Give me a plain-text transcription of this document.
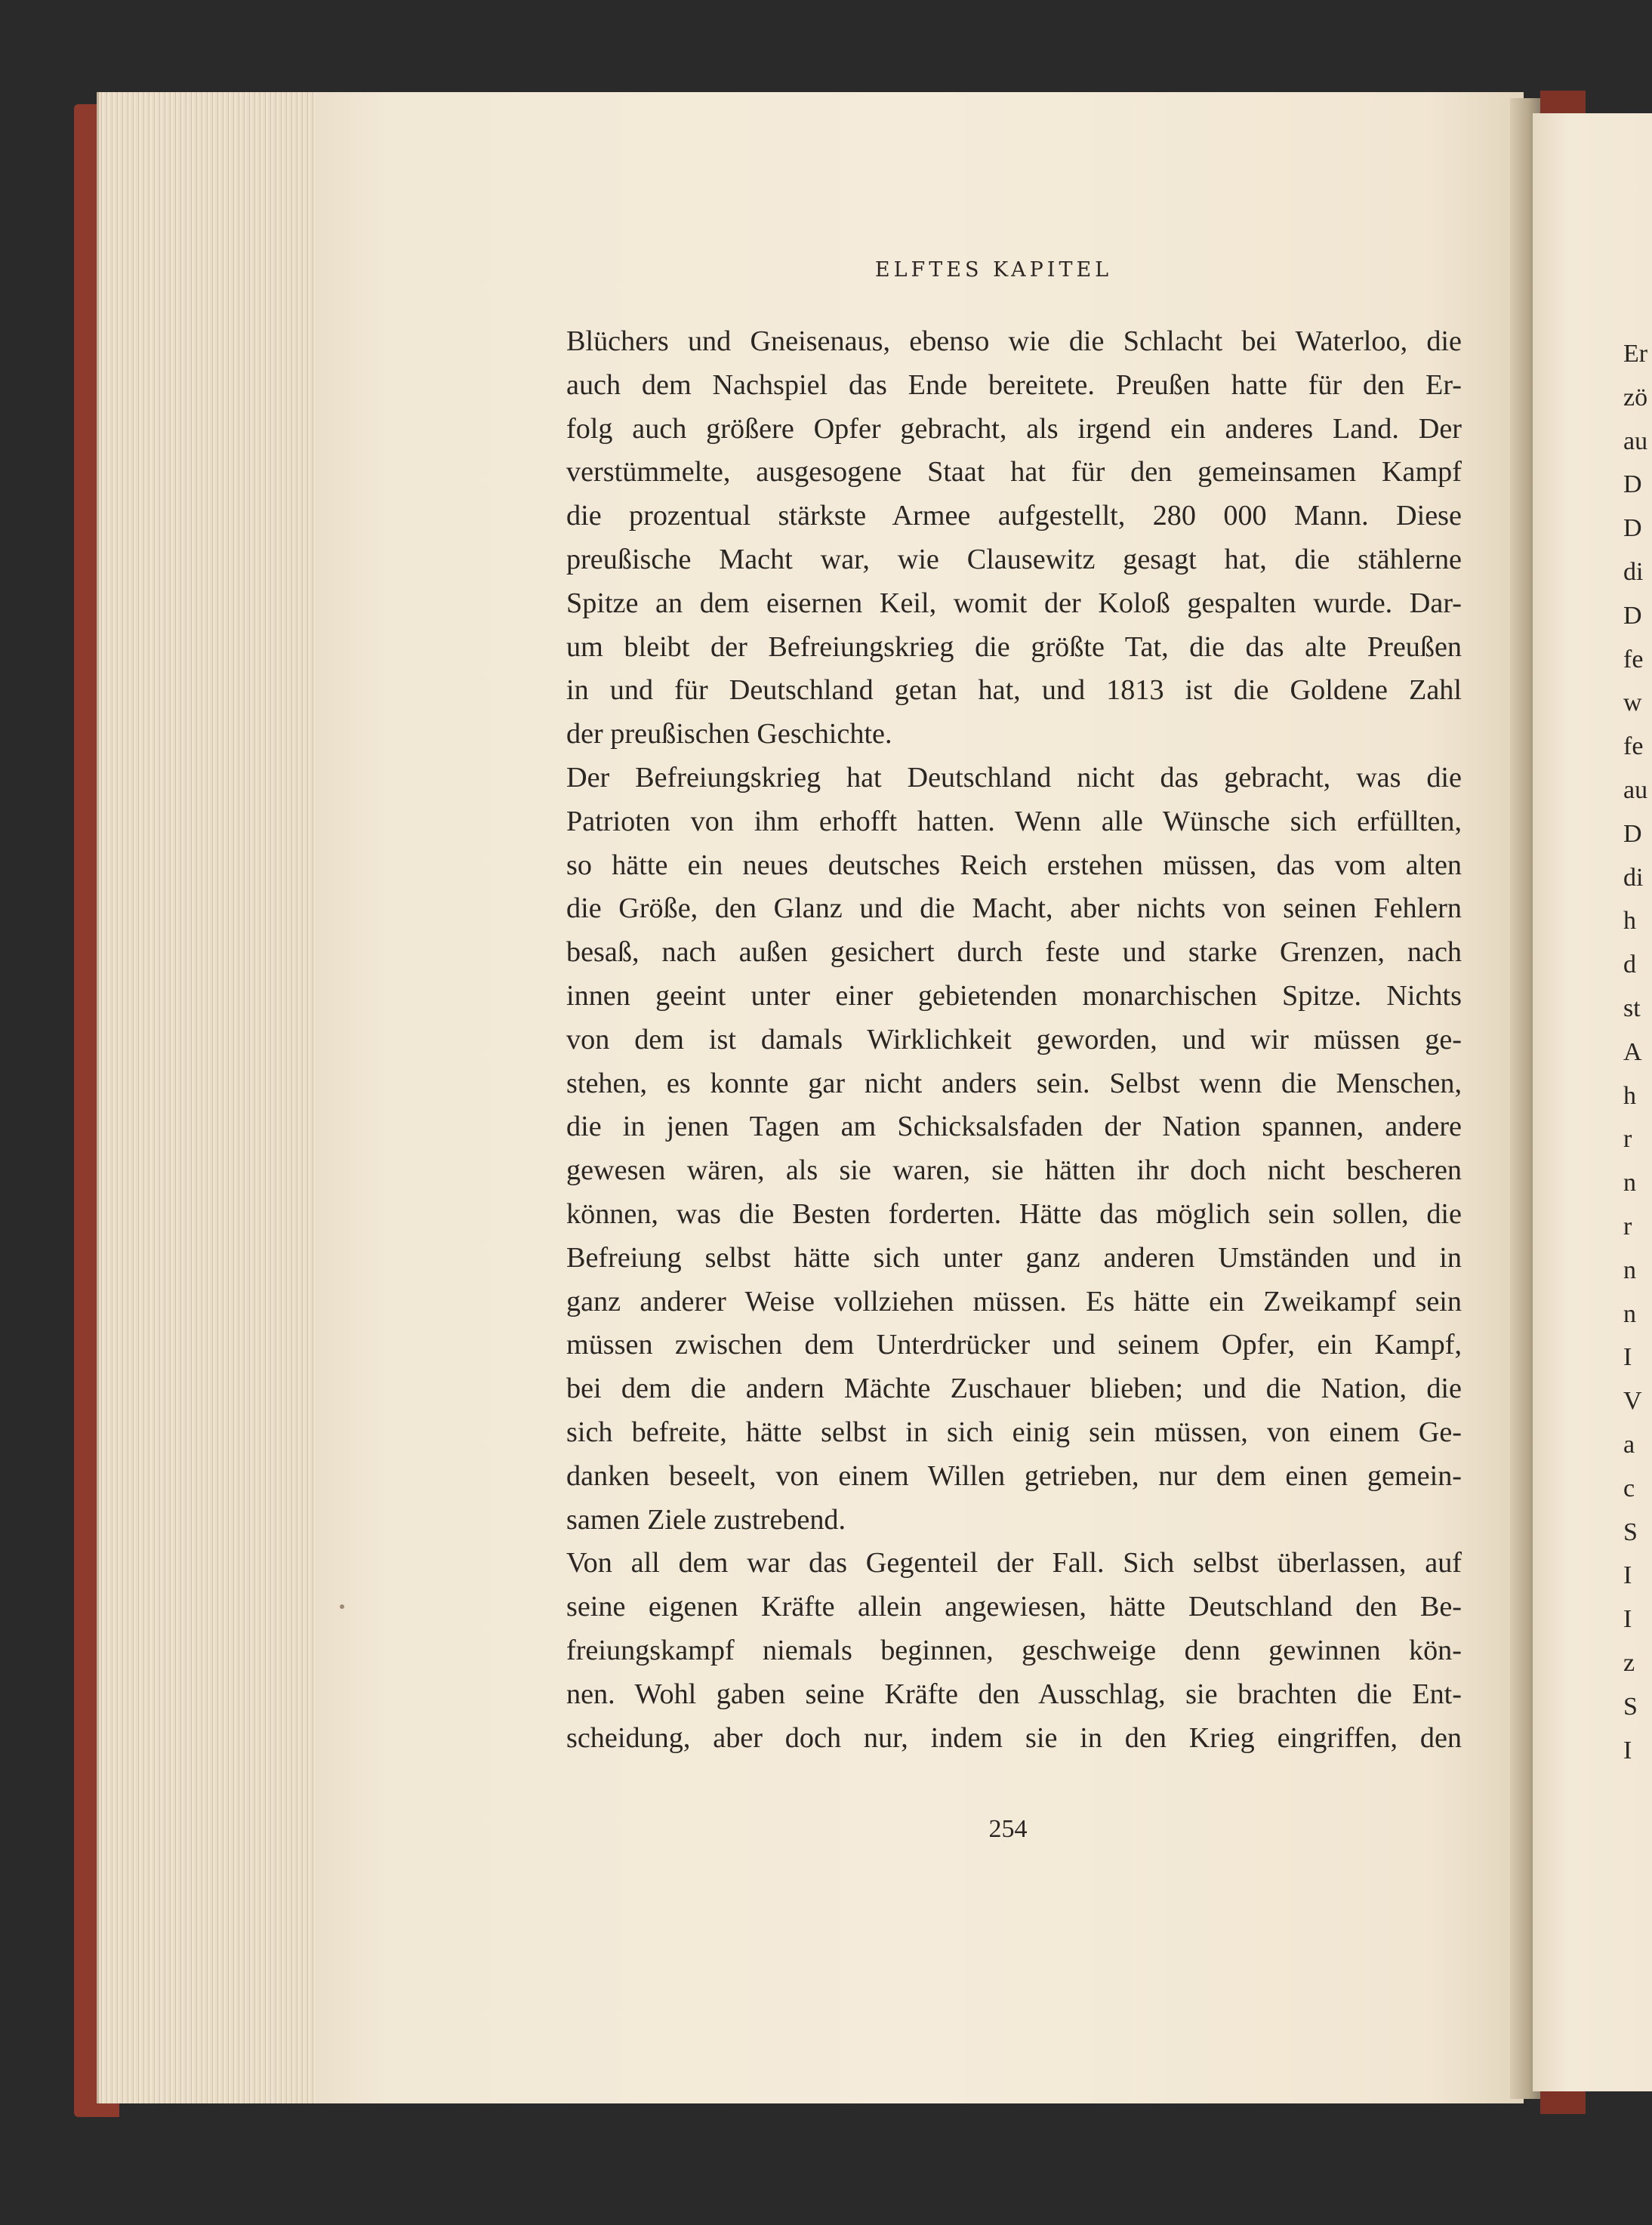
ELFTES KAPITEL
Blüchers und Gneisenaus, ebenso wie die Schlacht bei Waterloo, die
auch dem Nachspiel das Ende bereitete. Preußen hatte für den Er-
folg auch größere Opfer gebracht, als irgend ein anderes Land. Der
verstümmelte, ausgesogene Staat hat für den gemeinsamen Kampf
die prozentual stärkste Armee aufgestellt, 280 000 Mann. Diese
preußische Macht war, wie Clausewitz gesagt hat, die stählerne
Spitze an dem eisernen Keil, womit der Koloß gespalten wurde. Dar-
um bleibt der Befreiungskrieg die größte Tat, die das alte Preußen
in und für Deutschland getan hat, und 1813 ist die Goldene Zahl
der preußischen Geschichte.
Der Befreiungskrieg hat Deutschland nicht das gebracht, was die
Patrioten von ihm erhofft hatten. Wenn alle Wünsche sich erfüllten,
so hätte ein neues deutsches Reich erstehen müssen, das vom alten
die Größe, den Glanz und die Macht, aber nichts von seinen Fehlern
besaß, nach außen gesichert durch feste und starke Grenzen, nach
innen geeint unter einer gebietenden monarchischen Spitze. Nichts
von dem ist damals Wirklichkeit geworden, und wir müssen ge-
stehen, es konnte gar nicht anders sein. Selbst wenn die Menschen,
die in jenen Tagen am Schicksalsfaden der Nation spannen, andere
gewesen wären, als sie waren, sie hätten ihr doch nicht bescheren
können, was die Besten forderten. Hätte das möglich sein sollen, die
Befreiung selbst hätte sich unter ganz anderen Umständen und in
ganz anderer Weise vollziehen müssen. Es hätte ein Zweikampf sein
müssen zwischen dem Unterdrücker und seinem Opfer, ein Kampf,
bei dem die andern Mächte Zuschauer blieben; und die Nation, die
sich befreite, hätte selbst in sich einig sein müssen, von einem Ge-
danken beseelt, von einem Willen getrieben, nur dem einen gemein-
samen Ziele zustrebend.
Von all dem war das Gegenteil der Fall. Sich selbst überlassen, auf
seine eigenen Kräfte allein angewiesen, hätte Deutschland den Be-
freiungskampf niemals beginnen, geschweige denn gewinnen kön-
nen. Wohl gaben seine Kräfte den Ausschlag, sie brachten die Ent-
scheidung, aber doch nur, indem sie in den Krieg eingriffen, den
254
Er
zö
au
D
D
di
D
fe
w
fe
au
D
di
h
d
st
A
h
r
n
r
n
n
I
V
a
c
S
I
I
z
S
I
